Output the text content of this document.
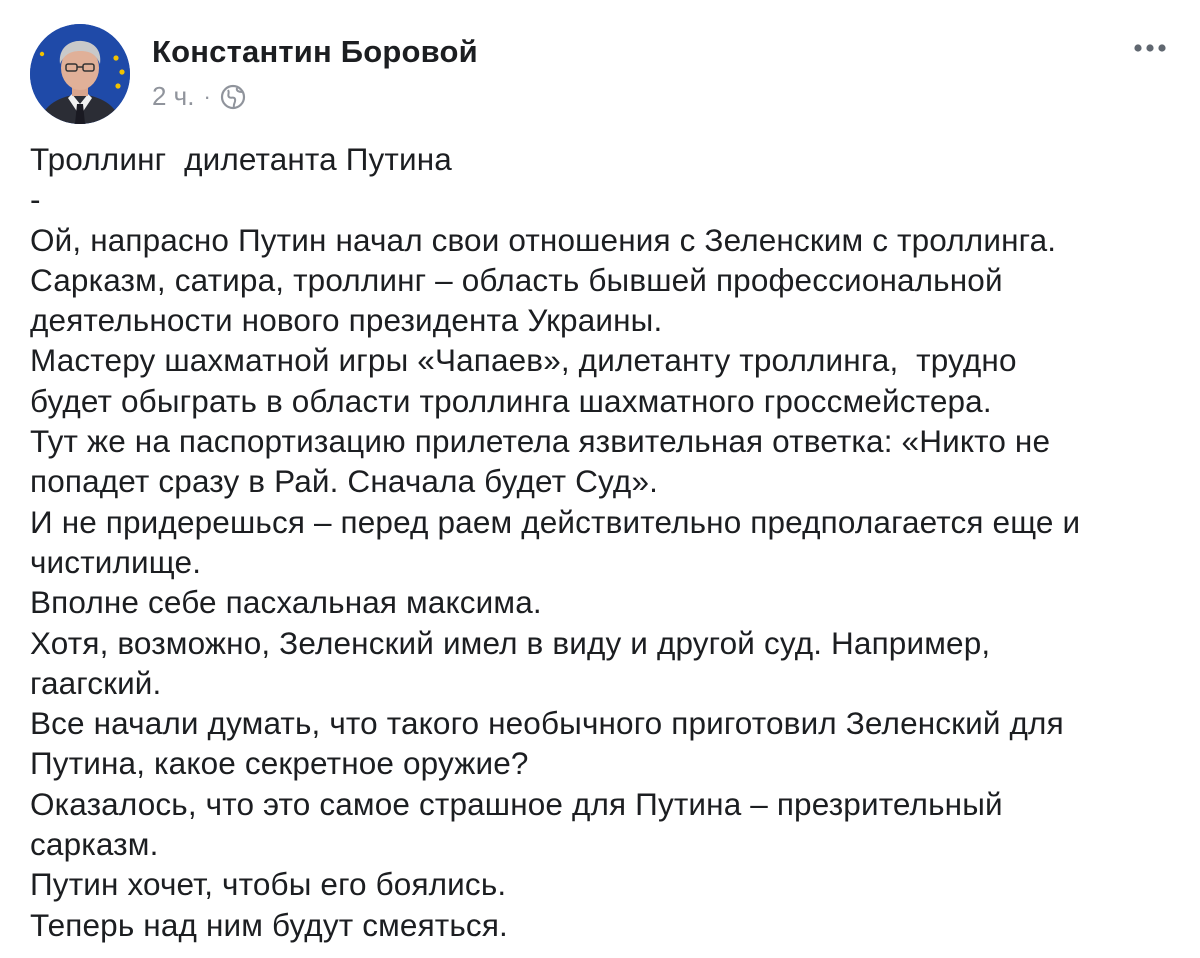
Константин Боровой
2 ч. ·
Троллинг  дилетанта Путина
-
Ой, напрасно Путин начал свои отношения с Зеленским с троллинга.
Сарказм, сатира, троллинг – область бывшей профессиональной
деятельности нового президента Украины.
Мастеру шахматной игры «Чапаев», дилетанту троллинга,  трудно
будет обыграть в области троллинга шахматного гроссмейстера.
Тут же на паспортизацию прилетела язвительная ответка: «Никто не
попадет сразу в Рай. Сначала будет Суд».
И не придерешься – перед раем действительно предполагается еще и
чистилище.
Вполне себе пасхальная максима.
Хотя, возможно, Зеленский имел в виду и другой суд. Например,
гаагский.
Все начали думать, что такого необычного приготовил Зеленский для
Путина, какое секретное оружие?
Оказалось, что это самое страшное для Путина – презрительный
сарказм.
Путин хочет, чтобы его боялись.
Теперь над ним будут смеяться.
